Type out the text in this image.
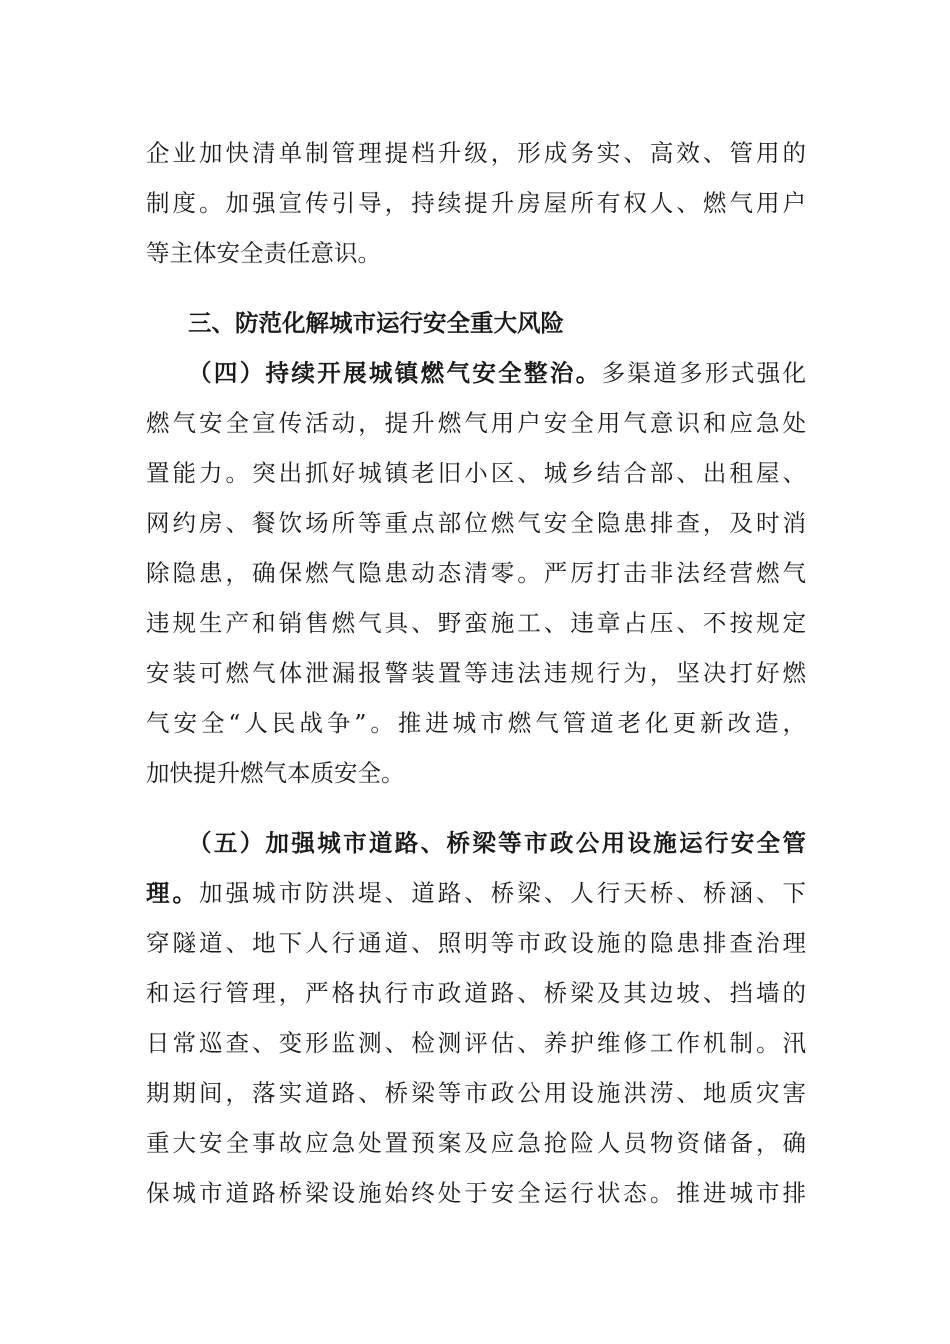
企业加快清单制管理提档升级，形成务实、高效、管用的
制度。加强宣传引导，持续提升房屋所有权人、燃气用户
等主体安全责任意识。
三、防范化解城市运行安全重大风险
（四）持续开展城镇燃气安全整治。多渠道多形式强化
燃气安全宣传活动，提升燃气用户安全用气意识和应急处
置能力。突出抓好城镇老旧小区、城乡结合部、出租屋、
网约房、餐饮场所等重点部位燃气安全隐患排查，及时消
除隐患，确保燃气隐患动态清零。严厉打击非法经营燃气
违规生产和销售燃气具、野蛮施工、违章占压、不按规定
安装可燃气体泄漏报警装置等违法违规行为，坚决打好燃
气安全“人民战争”。推进城市燃气管道老化更新改造，
加快提升燃气本质安全。
（五）加强城市道路、桥梁等市政公用设施运行安全管
理。加强城市防洪堤、道路、桥梁、人行天桥、桥涵、下
穿隧道、地下人行通道、照明等市政设施的隐患排查治理
和运行管理，严格执行市政道路、桥梁及其边坡、挡墙的
日常巡查、变形监测、检测评估、养护维修工作机制。汛
期期间，落实道路、桥梁等市政公用设施洪涝、地质灾害
重大安全事故应急处置预案及应急抢险人员物资储备，确
保城市道路桥梁设施始终处于安全运行状态。推进城市排
